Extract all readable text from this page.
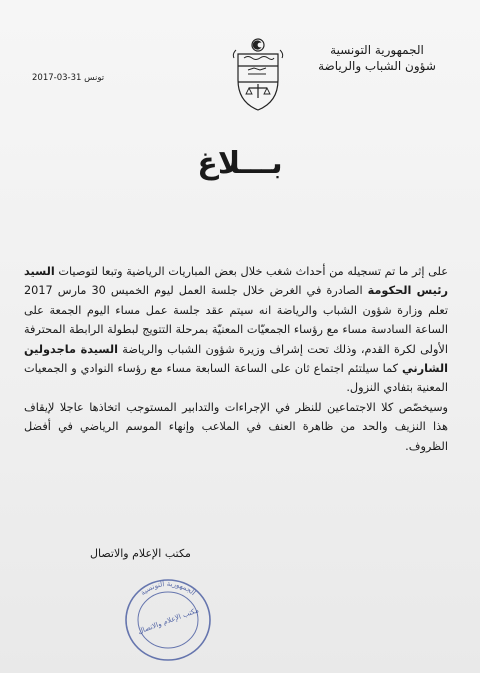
الجمهورية التونسية
شؤون الشباب والرياضة
تونس 31-03-2017
بـــلاغ

على إثر ما تم تسجيله من أحداث شغب خلال بعض المباريات الرياضية وتبعا لتوصيات السيد رئيس الحكومة الصادرة في الغرض خلال جلسة العمل ليوم الخميس 30 مارس 2017 تعلم وزارة شؤون الشباب والرياضة انه سيتم عقد جلسة عمل مساء اليوم الجمعة على الساعة السادسة مساء مع رؤساء الجمعيّات المعنيّة بمرحلة التتويج لبطولة الرابطة المحترفة الأولى لكرة القدم، وذلك تحت إشراف وزيرة شؤون الشباب والرياضة السيدة ماجدولين الشارني كما سيلتئم اجتماع ثان على الساعة السابعة مساء مع رؤساء النوادي و الجمعيات المعنية بتفادي النزول.

وسيخصّص كلا الاجتماعين للنظر في الإجراءات والتدابير المستوجب اتخاذها عاجلا لإيقاف هذا النزيف والحد من ظاهرة العنف في الملاعب وإنهاء الموسم الرياضي في أفضل الظروف.

مكتب الإعلام والاتصال
الجمهورية التونسية
مكتب الإعلام والاتصال
